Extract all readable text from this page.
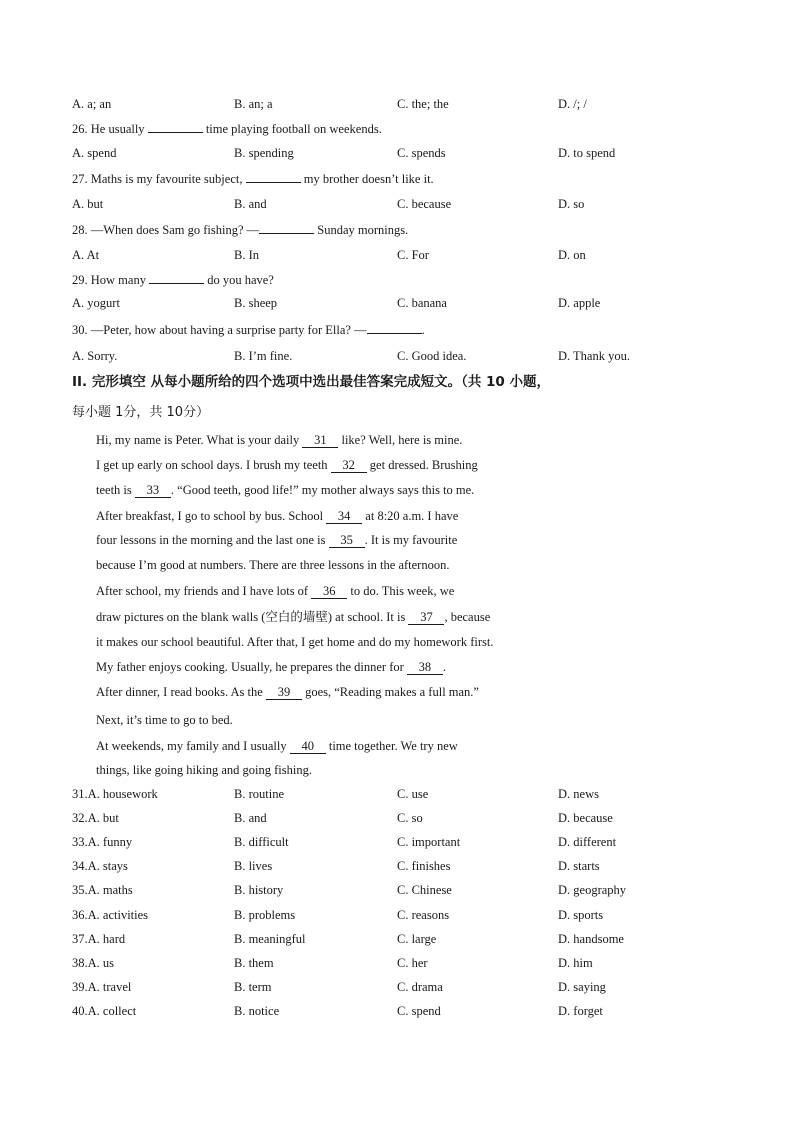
A. a; an	B. an; a	C. the; the	D. /; /
26. He usually	time playing football on weekends.
A. spend	B. spending	C. spends	D. to spend
27. Maths is my favourite subject,	my brother doesn’t like it.
A. but	B. and	C. because	D. so
28. —When does Sam go fishing? —	Sunday mornings.
A. At	B. In	C. For	D. on
29. How many	do you have?
A. yogurt	B. sheep	C. banana	D. apple
30. —Peter, how about having a surprise party for Ella? —	.
A. Sorry.	B. I’m fine.	C. Good idea.	D. Thank you.
II. 完形填空 从每小题所给的四个选项中选出最佳答案完成短文。（共 10 小题，
每小题 1分，共 10分）
Hi, my name is Peter. What is your daily 31 like? Well, here is mine.
I get up early on school days. I brush my teeth 32 get dressed. Brushing
teeth is 33 . “Good teeth, good life!” my mother always says this to me.
After breakfast, I go to school by bus. School 34 at 8:20 a.m. I have
four lessons in the morning and the last one is 35 . It is my favourite
because I’m good at numbers. There are three lessons in the afternoon.
After school, my friends and I have lots of 36 to do. This week, we
draw pictures on the blank walls (空白的墙壁) at school. It is 37 , because
it makes our school beautiful. After that, I get home and do my homework first.
My father enjoys cooking. Usually, he prepares the dinner for 38 .
After dinner, I read books. As the 39 goes, “Reading makes a full man.”
Next, it’s time to go to bed.
At weekends, my family and I usually 40 time together. We try new
things, like going hiking and going fishing.
31.A. housework	B. routine	C. use	D. news
32.A. but	B. and	C. so	D. because
33.A. funny	B. difficult	C. important	D. different
34.A. stays	B. lives	C. finishes	D. starts
35.A. maths	B. history	C. Chinese	D. geography
36.A. activities	B. problems	C. reasons	D. sports
37.A. hard	B. meaningful	C. large	D. handsome
38.A. us	B. them	C. her	D. him
39.A. travel	B. term	C. drama	D. saying
40.A. collect	B. notice	C. spend	D. forget
